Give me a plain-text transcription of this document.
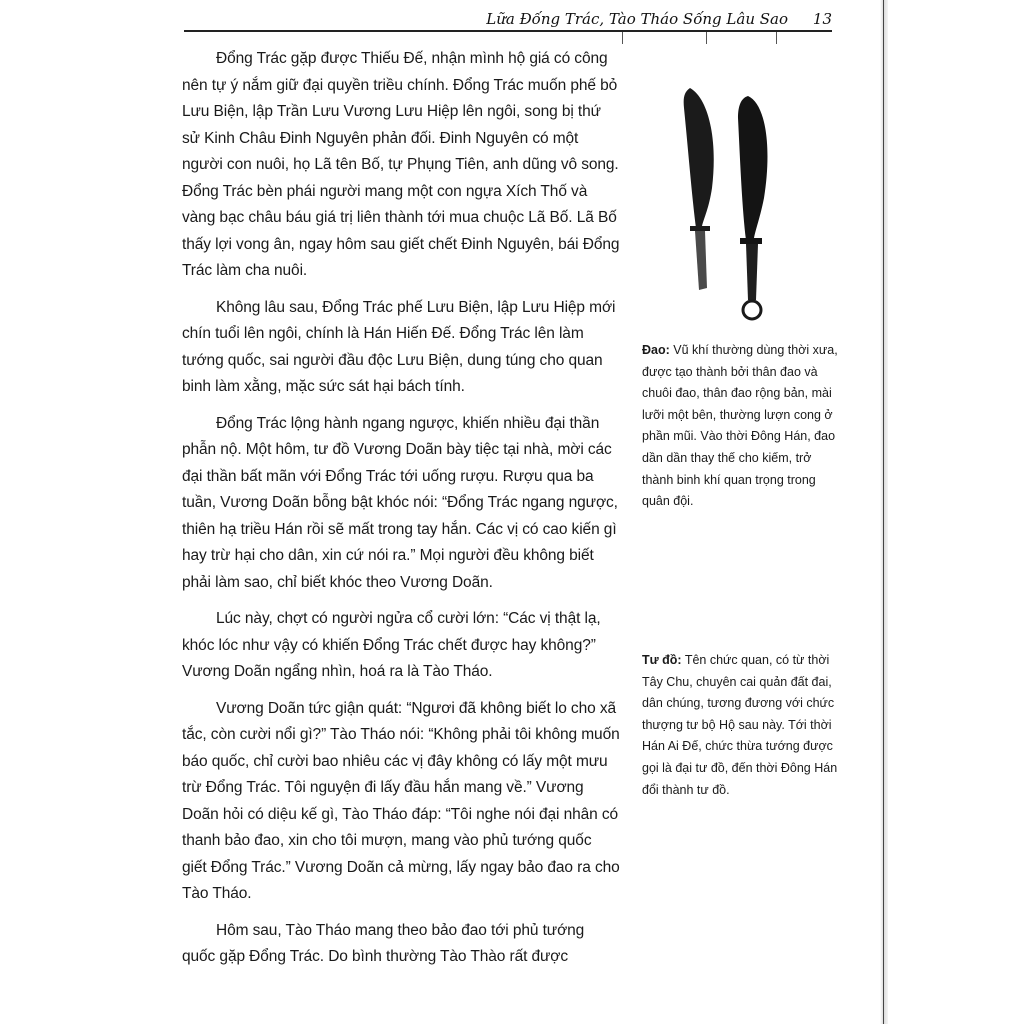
Lữa Đống Trác, Tào Tháo Sống Lâu Sao 13

Đổng Trác gặp được Thiếu Đế, nhận mình hộ giá có công nên tự ý nắm giữ đại quyền triều chính. Đổng Trác muốn phế bỏ Lưu Biện, lập Trần Lưu Vương Lưu Hiệp lên ngôi, song bị thứ sử Kinh Châu Đinh Nguyên phản đối. Đinh Nguyên có một người con nuôi, họ Lã tên Bố, tự Phụng Tiên, anh dũng vô song. Đổng Trác bèn phái người mang một con ngựa Xích Thố và vàng bạc châu báu giá trị liên thành tới mua chuộc Lã Bố. Lã Bố thấy lợi vong ân, ngay hôm sau giết chết Đinh Nguyên, bái Đổng Trác làm cha nuôi.

Không lâu sau, Đổng Trác phế Lưu Biện, lập Lưu Hiệp mới chín tuổi lên ngôi, chính là Hán Hiến Đế. Đổng Trác lên làm tướng quốc, sai người đầu độc Lưu Biện, dung túng cho quan binh làm xằng, mặc sức sát hại bách tính.

Đổng Trác lộng hành ngang ngược, khiến nhiều đại thần phẫn nộ. Một hôm, tư đồ Vương Doãn bày tiệc tại nhà, mời các đại thần bất mãn với Đổng Trác tới uống rượu. Rượu qua ba tuần, Vương Doãn bỗng bật khóc nói: “Đổng Trác ngang ngược, thiên hạ triều Hán rồi sẽ mất trong tay hắn. Các vị có cao kiến gì hay trừ hại cho dân, xin cứ nói ra.” Mọi người đều không biết phải làm sao, chỉ biết khóc theo Vương Doãn.

Lúc này, chợt có người ngửa cổ cười lớn: “Các vị thật lạ, khóc lóc như vậy có khiến Đổng Trác chết được hay không?” Vương Doãn ngẩng nhìn, hoá ra là Tào Tháo.

Vương Doãn tức giận quát: “Ngươi đã không biết lo cho xã tắc, còn cười nổi gì?” Tào Tháo nói: “Không phải tôi không muốn báo quốc, chỉ cười bao nhiêu các vị đây không có lấy một mưu trừ Đổng Trác. Tôi nguyện đi lấy đầu hắn mang về.” Vương Doãn hỏi có diệu kế gì, Tào Tháo đáp: “Tôi nghe nói đại nhân có thanh bảo đao, xin cho tôi mượn, mang vào phủ tướng quốc giết Đổng Trác.” Vương Doãn cả mừng, lấy ngay bảo đao ra cho Tào Tháo.

Hôm sau, Tào Tháo mang theo bảo đao tới phủ tướng quốc gặp Đổng Trác. Do bình thường Tào Thào rất được

Đao: Vũ khí thường dùng thời xưa, được tạo thành bởi thân đao và chuôi đao, thân đao rộng bản, mài lưỡi một bên, thường lượn cong ở phần mũi. Vào thời Đông Hán, đao dần dần thay thế cho kiếm, trở thành binh khí quan trọng trong quân đội.
Tư đồ: Tên chức quan, có từ thời Tây Chu, chuyên cai quản đất đai, dân chúng, tương đương với chức thượng tư bộ Hộ sau này. Tới thời Hán Ai Đế, chức thừa tướng được gọi là đại tư đồ, đến thời Đông Hán đổi thành tư đồ.
